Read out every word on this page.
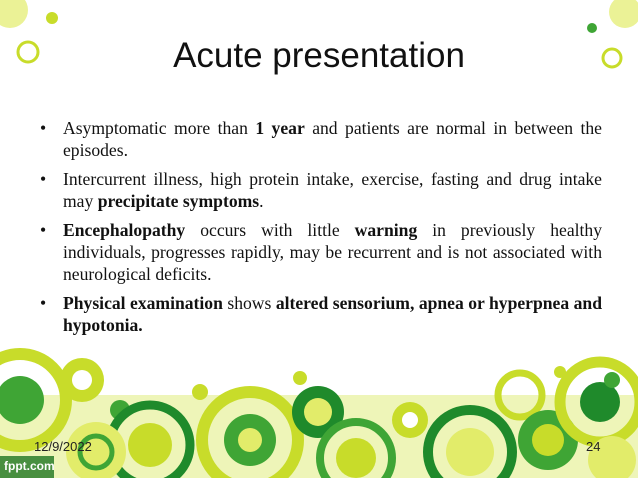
Acute presentation
• Asymptomatic more than 1 year and patients are normal in between the episodes.
• Intercurrent illness, high protein intake, exercise, fasting and drug intake may precipitate symptoms.
• Encephalopathy occurs with little warning in previously healthy individuals, progresses rapidly, may be recurrent and is not associated with neurological deficits.
• Physical examination shows altered sensorium, apnea or hyperpnea and hypotonia.
12/9/2022	24
fppt.com
